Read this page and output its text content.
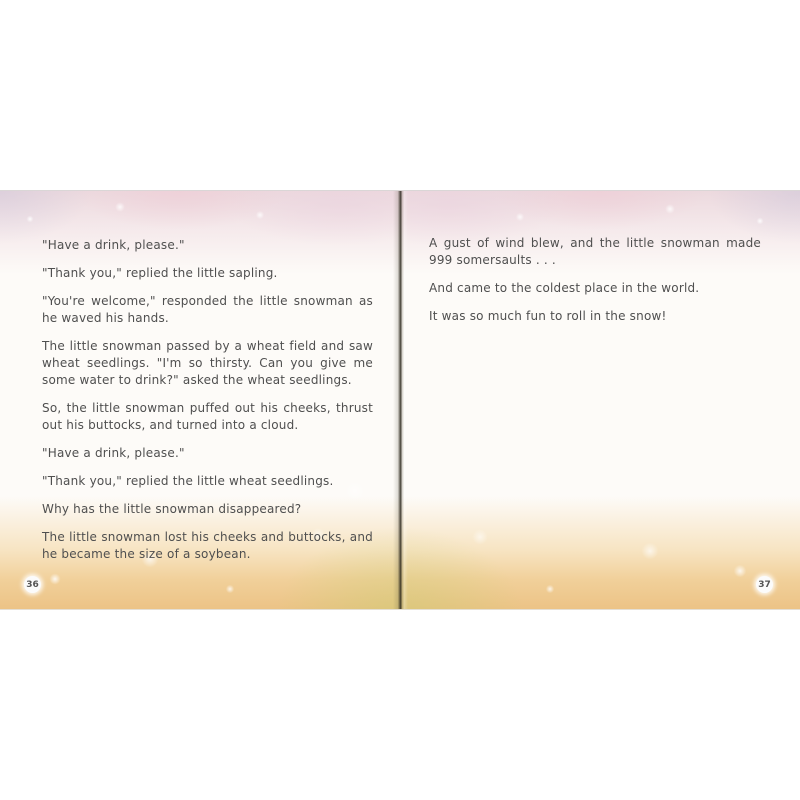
"Have a drink, please."

"Thank you," replied the little sapling.

"You're welcome," responded the little snowman as he waved his hands.

The little snowman passed by a wheat field and saw wheat seedlings. "I'm so thirsty. Can you give me some water to drink?" asked the wheat seedlings.

So, the little snowman puffed out his cheeks, thrust out his buttocks, and turned into a cloud.

"Have a drink, please."

"Thank you," replied the little wheat seedlings.

Why has the little snowman disappeared?

The little snowman lost his cheeks and buttocks, and he became the size of a soybean.

36

A gust of wind blew, and the little snowman made 999 somersaults . . .

And came to the coldest place in the world.

It was so much fun to roll in the snow!

37
